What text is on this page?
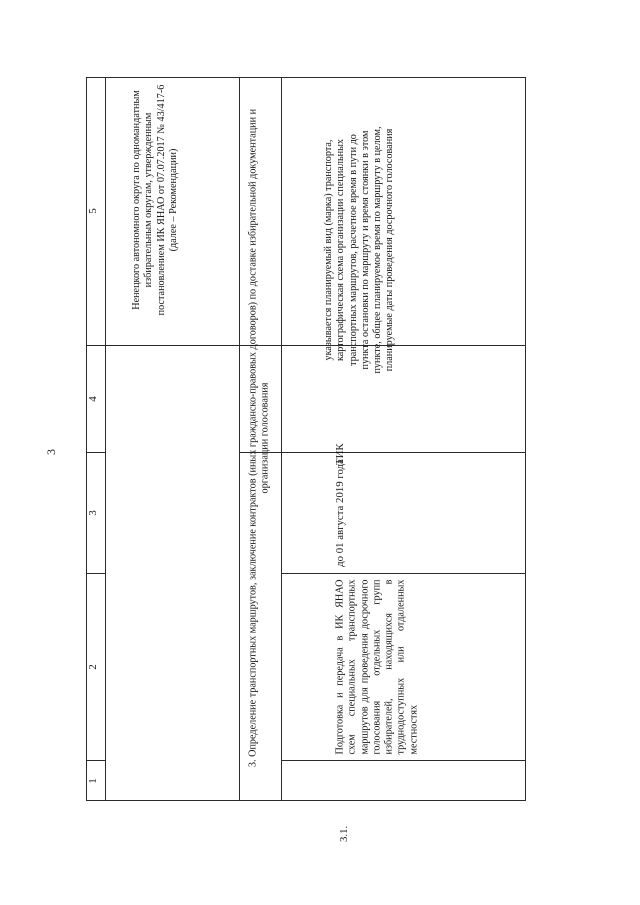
3
5
4
3
2
1
Ненецкого автономного округа по одномандатным избирательным округам, утвержденным постановлением ИК ЯНАО от 07.07.2017 № 43/417-6 (далее – Рекомендации)	3. Определение транспортных маршрутов, заключение контрактов (иных гражданско-правовых договоров) по доставке избирательной документации и организации голосования
указывается планируемый вид (марка) транспорта, картографическая схема организации специальных транспортных маршрутов, расчетное время в пути до пункта остановки по маршруту и время стоянки в этом пункте, общее планируемое время по маршруту в целом, планируемые даты проведения досрочного голосования
ТИК
до 01 августа 2019 года
Подготовка и передача в ИК ЯНАО схем специальных транспортных маршрутов для проведения досрочного голосования отдельных групп избирателей, находящихся в труднодоступных или отдаленных местностях
3.1.
